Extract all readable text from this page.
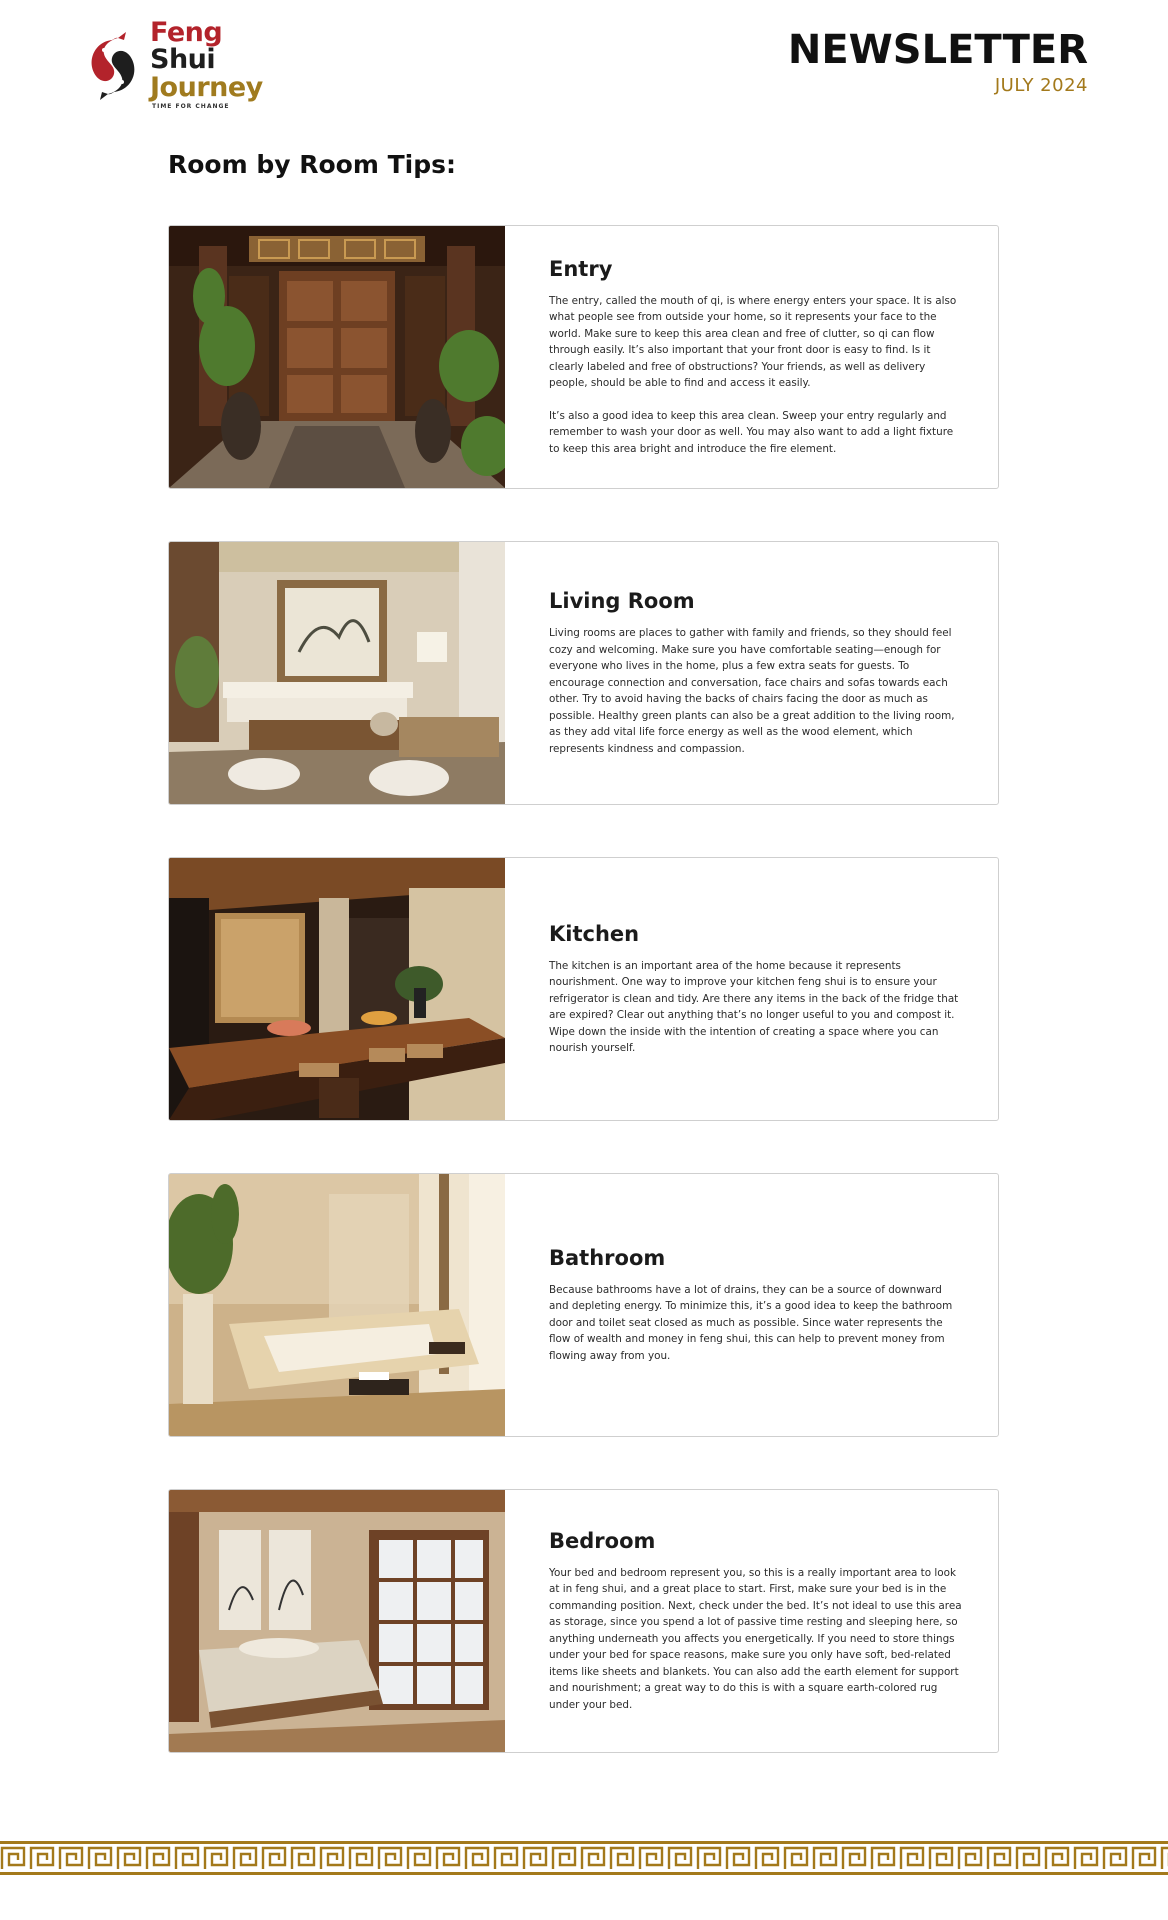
Feng Shui
Journey
TIME FOR CHANGE
NEWSLETTER
JULY 2024
Room by Room Tips:
Entry

The entry, called the mouth of qi, is where energy enters your space. It is also what people see from outside your home, so it represents your face to the world. Make sure to keep this area clean and free of clutter, so qi can flow through easily. It’s also important that your front door is easy to find. Is it clearly labeled and free of obstructions? Your friends, as well as delivery people, should be able to find and access it easily.

It’s also a good idea to keep this area clean. Sweep your entry regularly and remember to wash your door as well. You may also want to add a light fixture to keep this area bright and introduce the fire element.

Living Room

Living rooms are places to gather with family and friends, so they should feel cozy and welcoming. Make sure you have comfortable seating—enough for everyone who lives in the home, plus a few extra seats for guests. To encourage connection and conversation, face chairs and sofas towards each other. Try to avoid having the backs of chairs facing the door as much as possible. Healthy green plants can also be a great addition to the living room, as they add vital life force energy as well as the wood element, which represents kindness and compassion.

Kitchen

The kitchen is an important area of the home because it represents nourishment. One way to improve your kitchen feng shui is to ensure your refrigerator is clean and tidy. Are there any items in the back of the fridge that are expired? Clear out anything that’s no longer useful to you and compost it. Wipe down the inside with the intention of creating a space where you can nourish yourself.

Bathroom

Because bathrooms have a lot of drains, they can be a source of downward and depleting energy. To minimize this, it’s a good idea to keep the bathroom door and toilet seat closed as much as possible. Since water represents the flow of wealth and money in feng shui, this can help to prevent money from flowing away from you.

Bedroom

Your bed and bedroom represent you, so this is a really important area to look at in feng shui, and a great place to start. First, make sure your bed is in the commanding position. Next, check under the bed. It’s not ideal to use this area as storage, since you spend a lot of passive time resting and sleeping here, so anything underneath you affects you energetically. If you need to store things under your bed for space reasons, make sure you only have soft, bed-related items like sheets and blankets. You can also add the earth element for support and nourishment; a great way to do this is with a square earth-colored rug under your bed.
